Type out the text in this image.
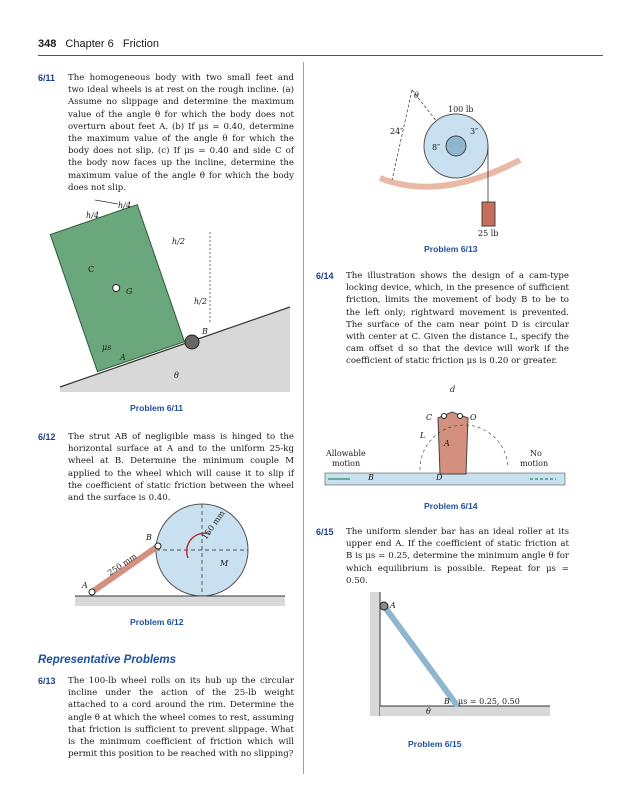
348 Chapter 6 Friction
6/11 The homogeneous body with two small feet and two ideal wheels is at rest on the rough incline. (a) Assume no slippage and determine the maximum value of the angle θ for which the body does not overturn about feet A. (b) If μs = 0.40, determine the maximum value of the angle θ for which the body does not slip. (c) If μs = 0.40 and side C of the body now faces up the incline, determine the maximum value of the angle θ for which the body does not slip.
h/4
h/4
h/2
h/2
C
G
B
A
μs
θ
Problem 6/11
6/12 The strut AB of negligible mass is hinged to the horizontal surface at A and to the uniform 25-kg wheel at B. Determine the minimum couple M applied to the wheel which will cause it to slip if the coefficient of static friction between the wheel and the surface is 0.40.
A
B
M
250 mm
150 mm
Problem 6/12
Representative Problems
6/13 The 100-lb wheel rolls on its hub up the circular incline under the action of the 25-lb weight attached to a cord around the rim. Determine the angle θ at which the wheel comes to rest, assuming that friction is sufficient to prevent slippage. What is the minimum coefficient of friction which will permit this position to be reached with no slipping?
θ
100 lb
25 lb
3″
8″
24″
Problem 6/13
6/14 The illustration shows the design of a cam-type locking device, which, in the presence of sufficient friction, limits the movement of body B to be to the left only; rightward movement is prevented. The surface of the cam near point D is circular with center at C. Given the distance L, specify the cam offset d so that the device will work if the coefficient of static friction μs is 0.20 or greater.
d
C	O
L
A
B	D
Allowable
motion
No
motion
Problem 6/14
6/15 The uniform slender bar has an ideal roller at its upper end A. If the coefficient of static friction at B is μs = 0.25, determine the minimum angle θ for which equilibrium is possible. Repeat for μs = 0.50.
A
B
θ
μs = 0.25, 0.50
Problem 6/15
